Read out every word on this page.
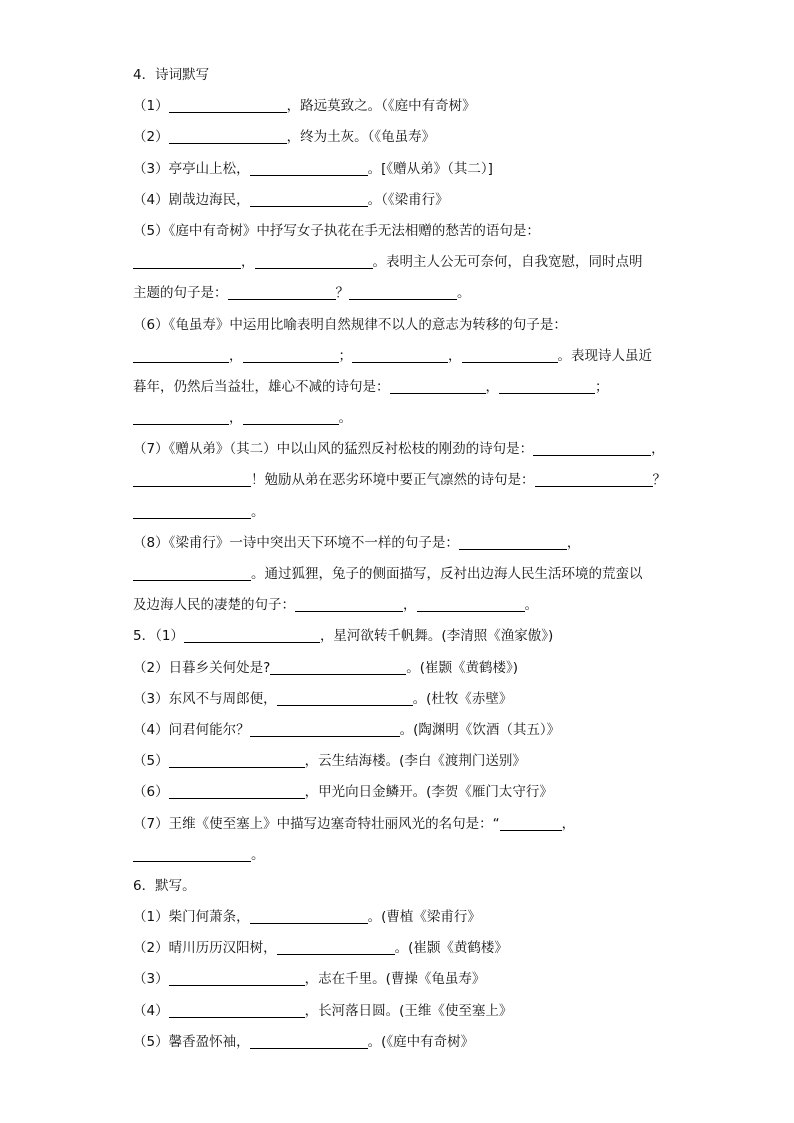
4．诗词默写
（1）	，路远莫致之。（《庭中有奇树》
（2）	，终为土灰。（《龟虽寿》
（3）亭亭山上松，	。[《赠从弟》（其二）]
（4）剧哉边海民，	。（《梁甫行》
（5）《庭中有奇树》中抒写女子执花在手无法相赠的愁苦的语句是：
，	。表明主人公无可奈何，自我宽慰，同时点明
主题的句子是：	？	。
（6）《龟虽寿》中运用比喻表明自然规律不以人的意志为转移的句子是：
，	；	，	。表现诗人虽近
暮年，仍然后当益壮，雄心不减的诗句是：	，	；
，	。
（7）《赠从弟》（其二）中以山风的猛烈反衬松枝的刚劲的诗句是：	，
！勉励从弟在恶劣环境中要正气凛然的诗句是：	？
。
（8）《梁甫行》一诗中突出天下环境不一样的句子是：	，
。通过狐狸，兔子的侧面描写，反衬出边海人民生活环境的荒蛮以
及边海人民的凄楚的句子：	，	。
5．（1）	，星河欲转千帆舞。(李清照《渔家傲》)
（2）日暮乡关何处是?	。(崔颢《黄鹤楼》)
（3）东风不与周郎便，	。(杜牧《赤壁》
（4）问君何能尔？	。(陶渊明《饮酒（其五）》
（5）	，云生结海楼。(李白《渡荆门送别》
（6）	，甲光向日金鳞开。(李贺《雁门太守行》
（7）王维《使至塞上》中描写边塞奇特壮丽风光的名句是：“	，
。
6．默写。
（1）柴门何萧条，	。(曹植《梁甫行》
（2）晴川历历汉阳树，	。(崔颢《黄鹤楼》
（3）	，志在千里。(曹操《龟虽寿》
（4）	，长河落日圆。(王维《使至塞上》
（5）馨香盈怀袖，	。(《庭中有奇树》
